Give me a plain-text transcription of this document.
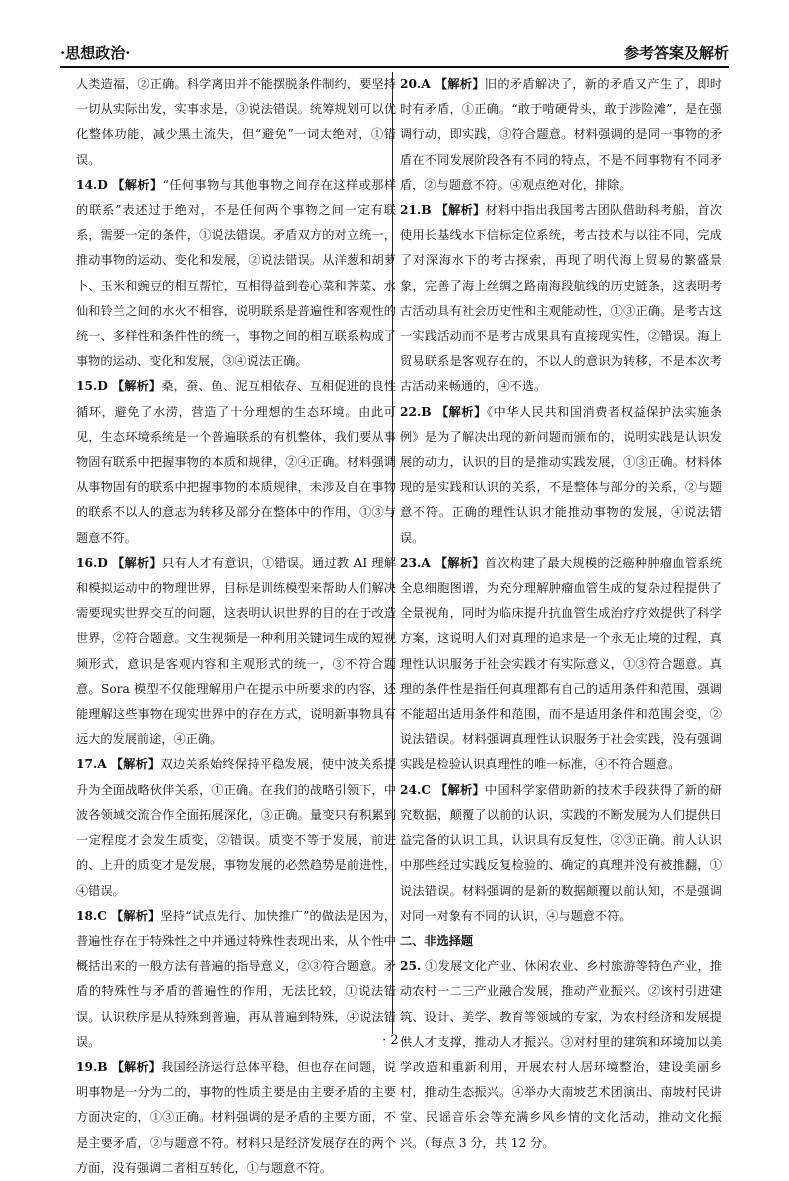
·思想政治·	参考答案及解析

人类造福，②正确。科学离田并不能摆脱条件制约，要坚持一切从实际出发，实事求是，③说法错误。统筹规划可以优化整体功能，减少黑土流失，但“避免”一词太绝对，①错误。

14.D 【解析】“任何事物与其他事物之间存在这样或那样的联系”表述过于绝对，不是任何两个事物之间一定有联系，需要一定的条件，①说法错误。矛盾双方的对立统一，推动事物的运动、变化和发展，②说法错误。从洋葱和胡萝卜、玉米和豌豆的相互帮忙，互相得益到卷心菜和荠菜、水仙和铃兰之间的水火不相容，说明联系是普遍性和客观性的统一、多样性和条件性的统一，事物之间的相互联系构成了事物的运动、变化和发展，③④说法正确。

15.D 【解析】桑，蚕、鱼、泥互相依存、互相促进的良性循环，避免了水涝，营造了十分理想的生态环境。由此可见，生态环境系统是一个普遍联系的有机整体，我们要从事物固有联系中把握事物的本质和规律，②④正确。材料强调从事物固有的联系中把握事物的本质规律，未涉及自在事物的联系不以人的意志为转移及部分在整体中的作用，①③与题意不符。

16.D 【解析】只有人才有意识，①错误。通过教 AI 理解和模拟运动中的物理世界，目标是训练模型来帮助人们解决需要现实世界交互的问题，这表明认识世界的目的在于改造世界，②符合题意。文生视频是一种利用关键词生成的短视频形式，意识是客观内容和主观形式的统一，③不符合题意。Sora 模型不仅能理解用户在提示中所要求的内容，还能理解这些事物在现实世界中的存在方式，说明新事物具有远大的发展前途，④正确。

17.A 【解析】双边关系始终保持平稳发展，使中波关系提升为全面战略伙伴关系，①正确。在我们的战略引领下，中波各领域交流合作全面拓展深化，③正确。量变只有积累到一定程度才会发生质变，②错误。质变不等于发展，前进的、上升的质变才是发展，事物发展的必然趋势是前进性，④错误。

18.C 【解析】坚持“试点先行、加快推广”的做法是因为，普遍性存在于特殊性之中并通过特殊性表现出来，从个性中概括出来的一般方法有普遍的指导意义，②③符合题意。矛盾的特殊性与矛盾的普遍性的作用，无法比较，①说法错误。认识秩序是从特殊到普遍，再从普遍到特殊，④说法错误。

19.B 【解析】我国经济运行总体平稳，但也存在问题，说明事物是一分为二的，事物的性质主要是由主要矛盾的主要方面决定的，①③正确。材料强调的是矛盾的主要方面，不是主要矛盾，②与题意不符。材料只是经济发展存在的两个方面，没有强调二者相互转化，①与题意不符。

20.A 【解析】旧的矛盾解决了，新的矛盾又产生了，即时时有矛盾，①正确。“敢于啃硬骨头，敢于涉险滩”，是在强调行动，即实践，③符合题意。材料强调的是同一事物的矛盾在不同发展阶段各有不同的特点，不是不同事物有不同矛盾，②与题意不符。④观点绝对化，排除。

21.B 【解析】材料中指出我国考古团队借助科考船，首次使用长基线水下信标定位系统，考古技术与以往不同，完成了对深海水下的考古探索，再现了明代海上贸易的繁盛景象，完善了海上丝绸之路南海段航线的历史链条，这表明考古活动具有社会历史性和主观能动性，①③正确。是考古这一实践活动而不是考古成果具有直接现实性，②错误。海上贸易联系是客观存在的，不以人的意识为转移，不是本次考古活动来畅通的，④不选。

22.B 【解析】《中华人民共和国消费者权益保护法实施条例》是为了解决出现的新问题而颁布的，说明实践是认识发展的动力，认识的目的是推动实践发展，①③正确。材料体现的是实践和认识的关系，不是整体与部分的关系，②与题意不符。正确的理性认识才能推动事物的发展，④说法错误。

23.A 【解析】首次构建了最大规模的泛癌种肿瘤血管系统全息细胞图谱，为充分理解肿瘤血管生成的复杂过程提供了全景视角，同时为临床提升抗血管生成治疗疗效提供了科学方案，这说明人们对真理的追求是一个永无止境的过程，真理性认识服务于社会实践才有实际意义，①③符合题意。真理的条件性是指任何真理都有自己的适用条件和范围，强调不能超出适用条件和范围，而不是适用条件和范围会变，②说法错误。材料强调真理性认识服务于社会实践，没有强调实践是检验认识真理性的唯一标准，④不符合题意。

24.C 【解析】中国科学家借助新的技术手段获得了新的研究数据，颠覆了以前的认识，实践的不断发展为人们提供日益完备的认识工具，认识具有反复性，②③正确。前人认识中那些经过实践反复检验的、确定的真理并没有被推翻，①说法错误。材料强调的是新的数据颠覆以前认知，不是强调对同一对象有不同的认识，④与题意不符。

二、非选择题

25. ①发展文化产业、休闲农业、乡村旅游等特色产业，推动农村一二三产业融合发展，推动产业振兴。②该村引进建筑、设计、美学、教育等领域的专家，为农村经济和发展提供人才支撑，推动人才振兴。③对村里的建筑和环境加以美学改造和重新利用，开展农村人居环境整治，建设美丽乡村，推动生态振兴。④举办大南坡艺术团演出、南坡村民讲堂、民谣音乐会等充满乡风乡情的文化活动，推动文化振兴。（每点 3 分，共 12 分。

· 2 ·
